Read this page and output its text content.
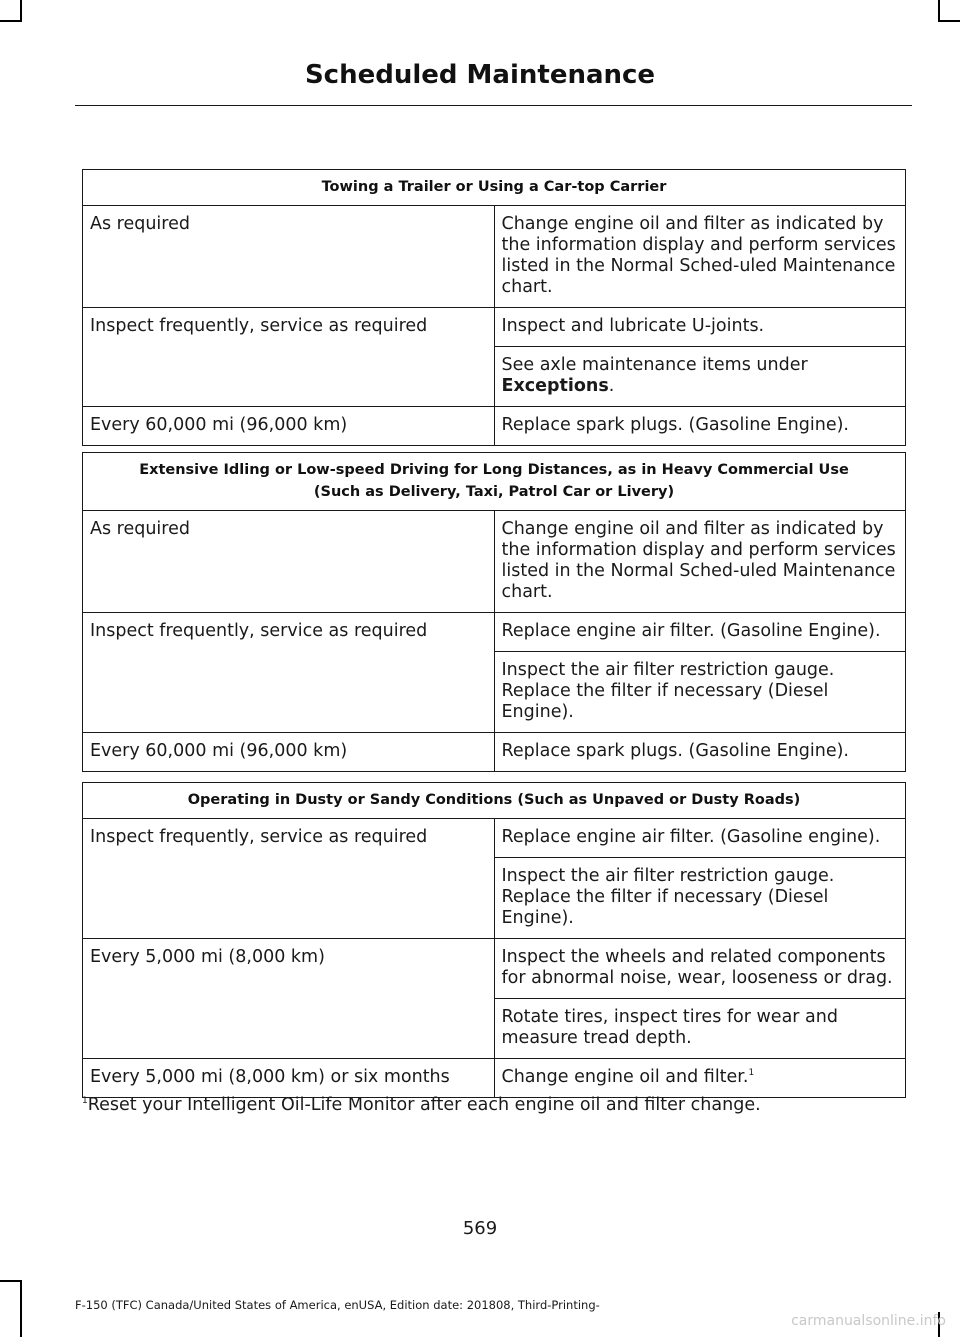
Scheduled Maintenance
Towing a Trailer or Using a Car-top Carrier	
As required	Change engine oil and filter as indicated by the information display and perform services listed in the Normal Sched-uled Maintenance chart.
Inspect frequently, service as required	Inspect and lubricate U-joints.
	See axle maintenance items under Exceptions.
Every 60,000 mi (96,000 km)	Replace spark plugs. (Gasoline Engine).
Extensive Idling or Low-speed Driving for Long Distances, as in Heavy Commercial Use
(Such as Delivery, Taxi, Patrol Car or Livery)	

As required	Change engine oil and filter as indicated by the information display and perform services listed in the Normal Sched-uled Maintenance chart.
Inspect frequently, service as required	Replace engine air filter. (Gasoline Engine).
	Inspect the air filter restriction gauge. Replace the filter if necessary (Diesel Engine).
Every 60,000 mi (96,000 km)	Replace spark plugs. (Gasoline Engine).
Operating in Dusty or Sandy Conditions (Such as Unpaved or Dusty Roads)	
Inspect frequently, service as required	Replace engine air filter. (Gasoline engine).
	Inspect the air filter restriction gauge. Replace the filter if necessary (Diesel Engine).
Every 5,000 mi (8,000 km)	Inspect the wheels and related components for abnormal noise, wear, looseness or drag.
	Rotate tires, inspect tires for wear and measure tread depth.
Every 5,000 mi (8,000 km) or six months	Change engine oil and filter.$^1$
$^1$Reset your Intelligent Oil-Life Monitor after each engine oil and filter change.
569
F-150 (TFC) Canada/United States of America, enUSA, Edition date: 201808, Third-Printing-
carmanualsonline.info
